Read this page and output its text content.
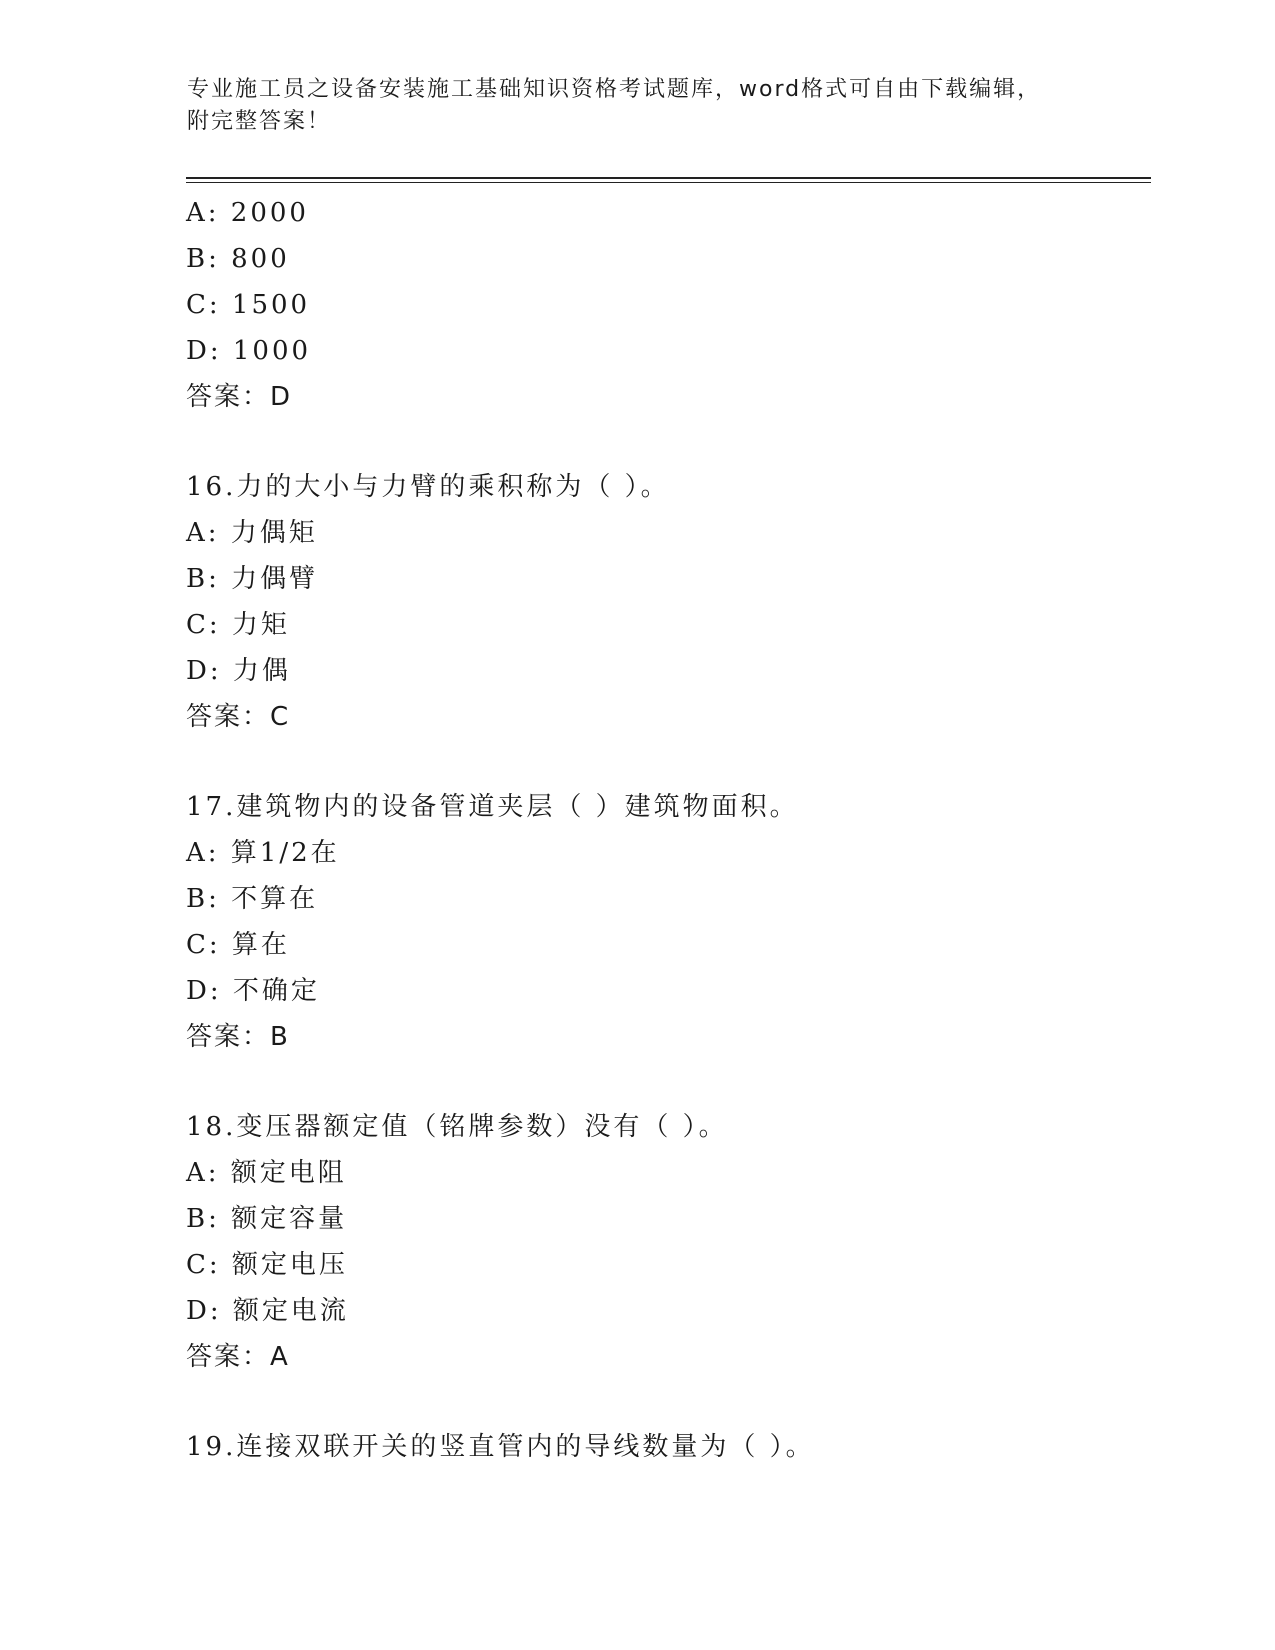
专业施工员之设备安装施工基础知识资格考试题库，word格式可自由下载编辑，
附完整答案！
A: 2000
B: 800
C: 1500
D: 1000
答案：D
16.力的大小与力臂的乘积称为（ ）。
A: 力偶矩
B: 力偶臂
C: 力矩
D: 力偶
答案：C
17.建筑物内的设备管道夹层（ ）建筑物面积。
A: 算1/2在
B: 不算在
C: 算在
D: 不确定
答案：B
18.变压器额定值（铭牌参数）没有（ ）。
A: 额定电阻
B: 额定容量
C: 额定电压
D: 额定电流
答案：A
19.连接双联开关的竖直管内的导线数量为（ ）。
